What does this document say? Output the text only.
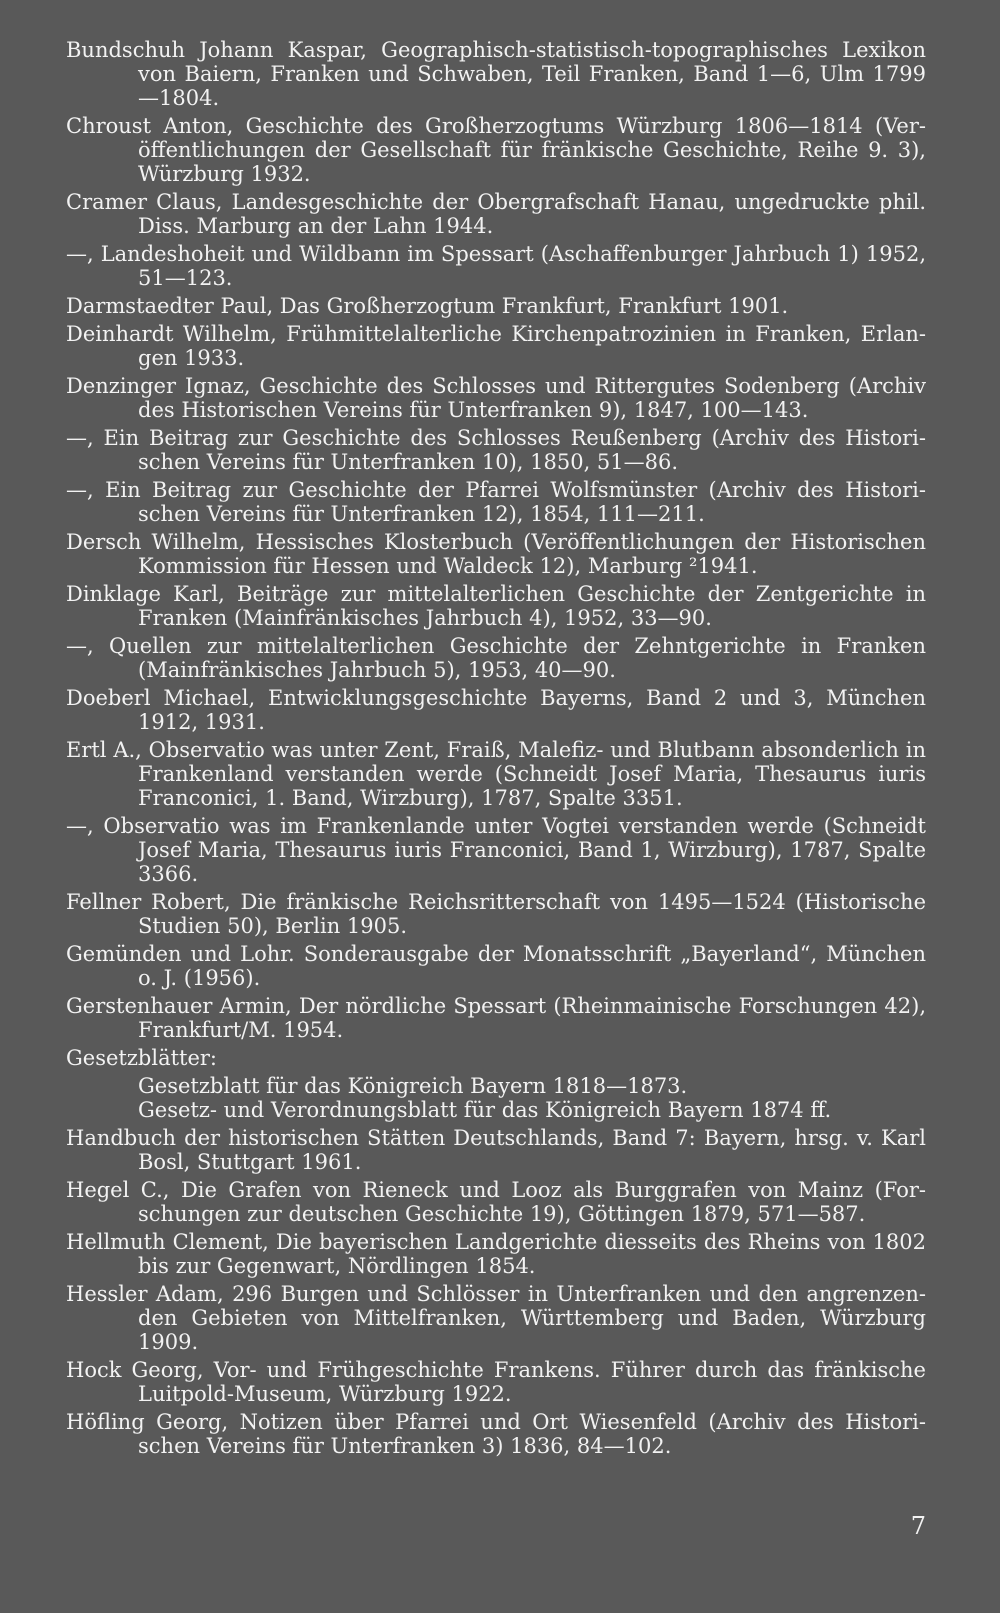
Bundschuh Johann Kaspar, Geographisch-statistisch-topographisches Lexikon von Baiern, Franken und Schwaben, Teil Franken, Band 1—6, Ulm 1799—1804.
Chroust Anton, Geschichte des Großherzogtums Würzburg 1806—1814 (Veröffentlichungen der Gesellschaft für fränkische Geschichte, Reihe 9. 3), Würzburg 1932.
Cramer Claus, Landesgeschichte der Obergrafschaft Hanau, ungedruckte phil. Diss. Marburg an der Lahn 1944.
—, Landeshoheit und Wildbann im Spessart (Aschaffenburger Jahrbuch 1) 1952, 51—123.
Darmstaedter Paul, Das Großherzogtum Frankfurt, Frankfurt 1901.
Deinhardt Wilhelm, Frühmittelalterliche Kirchenpatrozinien in Franken, Erlangen 1933.
Denzinger Ignaz, Geschichte des Schlosses und Rittergutes Sodenberg (Archiv des Historischen Vereins für Unterfranken 9), 1847, 100—143.
—, Ein Beitrag zur Geschichte des Schlosses Reußenberg (Archiv des Historischen Vereins für Unterfranken 10), 1850, 51—86.
—, Ein Beitrag zur Geschichte der Pfarrei Wolfsmünster (Archiv des Historischen Vereins für Unterfranken 12), 1854, 111—211.
Dersch Wilhelm, Hessisches Klosterbuch (Veröffentlichungen der Historischen Kommission für Hessen und Waldeck 12), Marburg ²1941.
Dinklage Karl, Beiträge zur mittelalterlichen Geschichte der Zentgerichte in Franken (Mainfränkisches Jahrbuch 4), 1952, 33—90.
—, Quellen zur mittelalterlichen Geschichte der Zehntgerichte in Franken (Mainfränkisches Jahrbuch 5), 1953, 40—90.
Doeberl Michael, Entwicklungsgeschichte Bayerns, Band 2 und 3, München 1912, 1931.
Ertl A., Observatio was unter Zent, Fraiß, Malefiz- und Blutbann absonderlich in Frankenland verstanden werde (Schneidt Josef Maria, Thesaurus iuris Franconici, 1. Band, Wirzburg), 1787, Spalte 3351.
—, Observatio was im Frankenlande unter Vogtei verstanden werde (Schneidt Josef Maria, Thesaurus iuris Franconici, Band 1, Wirzburg), 1787, Spalte 3366.
Fellner Robert, Die fränkische Reichsritterschaft von 1495—1524 (Historische Studien 50), Berlin 1905.
Gemünden und Lohr. Sonderausgabe der Monatsschrift „Bayerland“, München o. J. (1956).
Gerstenhauer Armin, Der nördliche Spessart (Rheinmainische Forschungen 42), Frankfurt/M. 1954.
Gesetzblätter:
Gesetzblatt für das Königreich Bayern 1818—1873.
Gesetz- und Verordnungsblatt für das Königreich Bayern 1874 ff.
Handbuch der historischen Stätten Deutschlands, Band 7: Bayern, hrsg. v. Karl Bosl, Stuttgart 1961.
Hegel C., Die Grafen von Rieneck und Looz als Burggrafen von Mainz (Forschungen zur deutschen Geschichte 19), Göttingen 1879, 571—587.
Hellmuth Clement, Die bayerischen Landgerichte diesseits des Rheins von 1802 bis zur Gegenwart, Nördlingen 1854.
Hessler Adam, 296 Burgen und Schlösser in Unterfranken und den angrenzenden Gebieten von Mittelfranken, Württemberg und Baden, Würzburg 1909.
Hock Georg, Vor- und Frühgeschichte Frankens. Führer durch das fränkische Luitpold-Museum, Würzburg 1922.
Höfling Georg, Notizen über Pfarrei und Ort Wiesenfeld (Archiv des Historischen Vereins für Unterfranken 3) 1836, 84—102.
7
